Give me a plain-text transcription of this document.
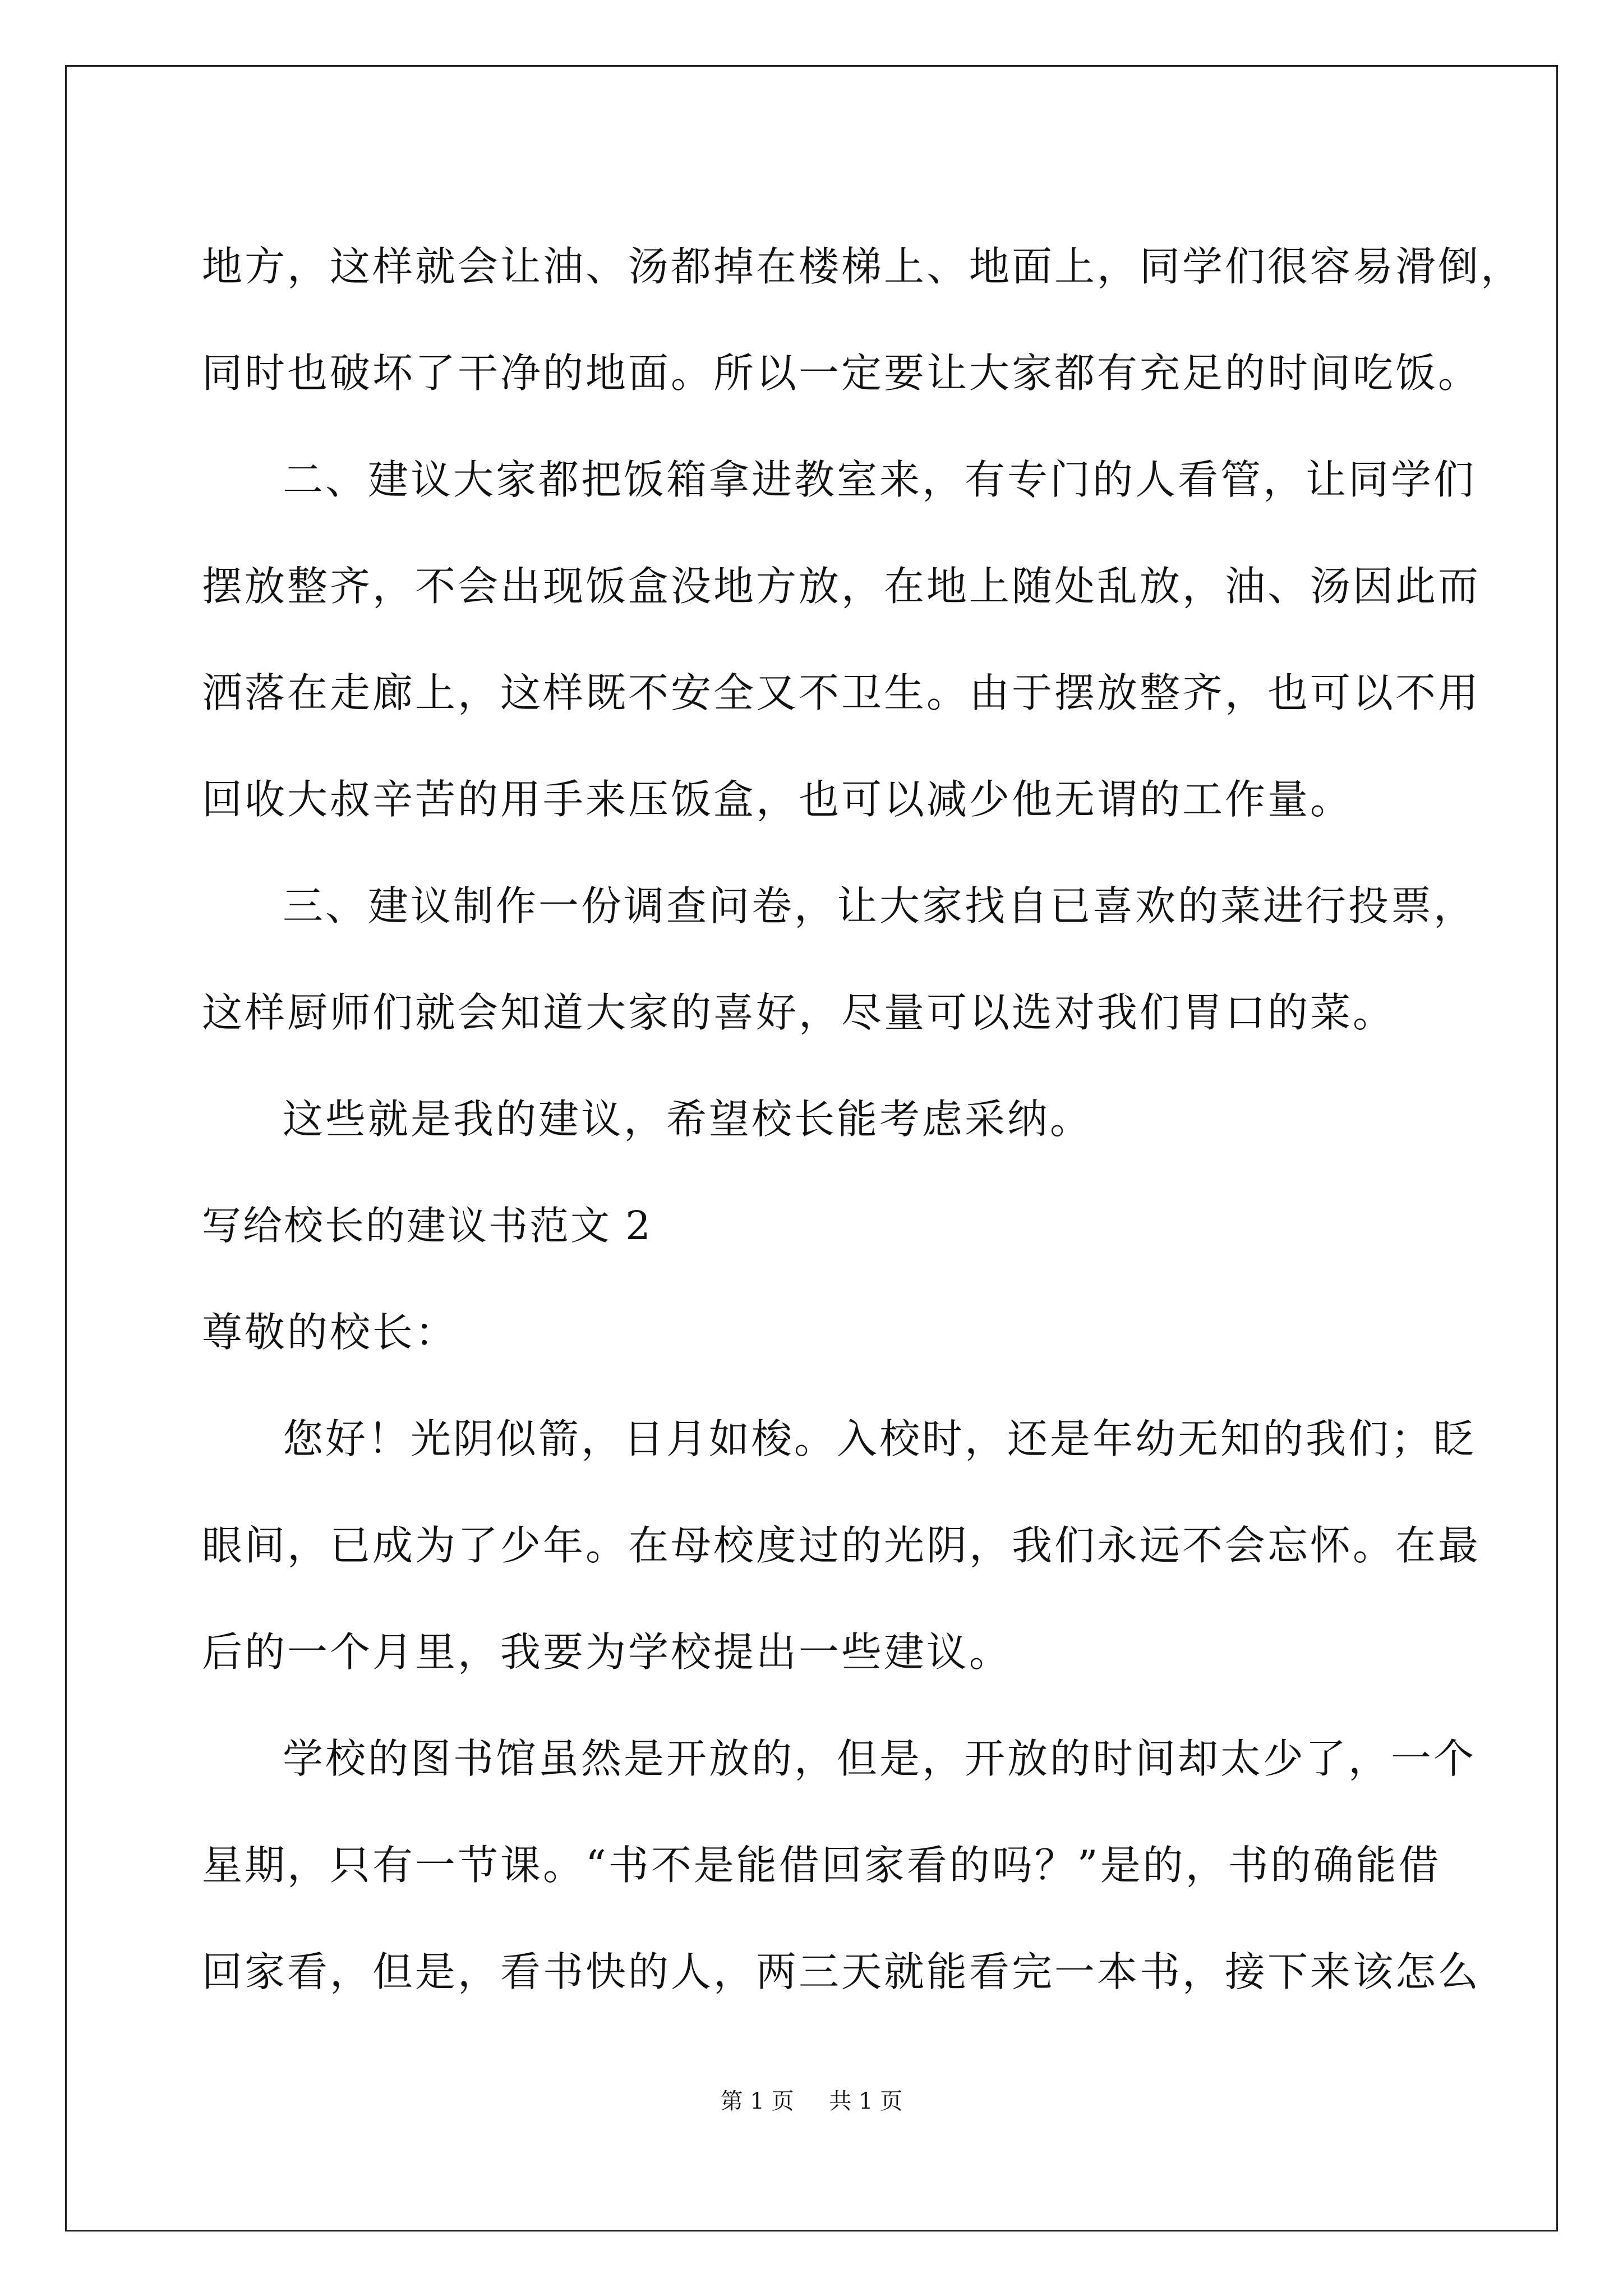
地方，这样就会让油、汤都掉在楼梯上、地面上，同学们很容易滑倒，
同时也破坏了干净的地面。所以一定要让大家都有充足的时间吃饭。
二、建议大家都把饭箱拿进教室来，有专门的人看管，让同学们
摆放整齐，不会出现饭盒没地方放，在地上随处乱放，油、汤因此而
洒落在走廊上，这样既不安全又不卫生。由于摆放整齐，也可以不用
回收大叔辛苦的用手来压饭盒，也可以减少他无谓的工作量。
三、建议制作一份调查问卷，让大家找自已喜欢的菜进行投票，
这样厨师们就会知道大家的喜好，尽量可以选对我们胃口的菜。
这些就是我的建议，希望校长能考虑采纳。
写给校长的建议书范文 2
尊敬的校长：
您好！光阴似箭，日月如梭。入校时，还是年幼无知的我们；眨
眼间，已成为了少年。在母校度过的光阴，我们永远不会忘怀。在最
后的一个月里，我要为学校提出一些建议。
学校的图书馆虽然是开放的，但是，开放的时间却太少了，一个
星期，只有一节课。“书不是能借回家看的吗？”是的，书的确能借
回家看，但是，看书快的人，两三天就能看完一本书，接下来该怎么
第 1 页 共 1 页
